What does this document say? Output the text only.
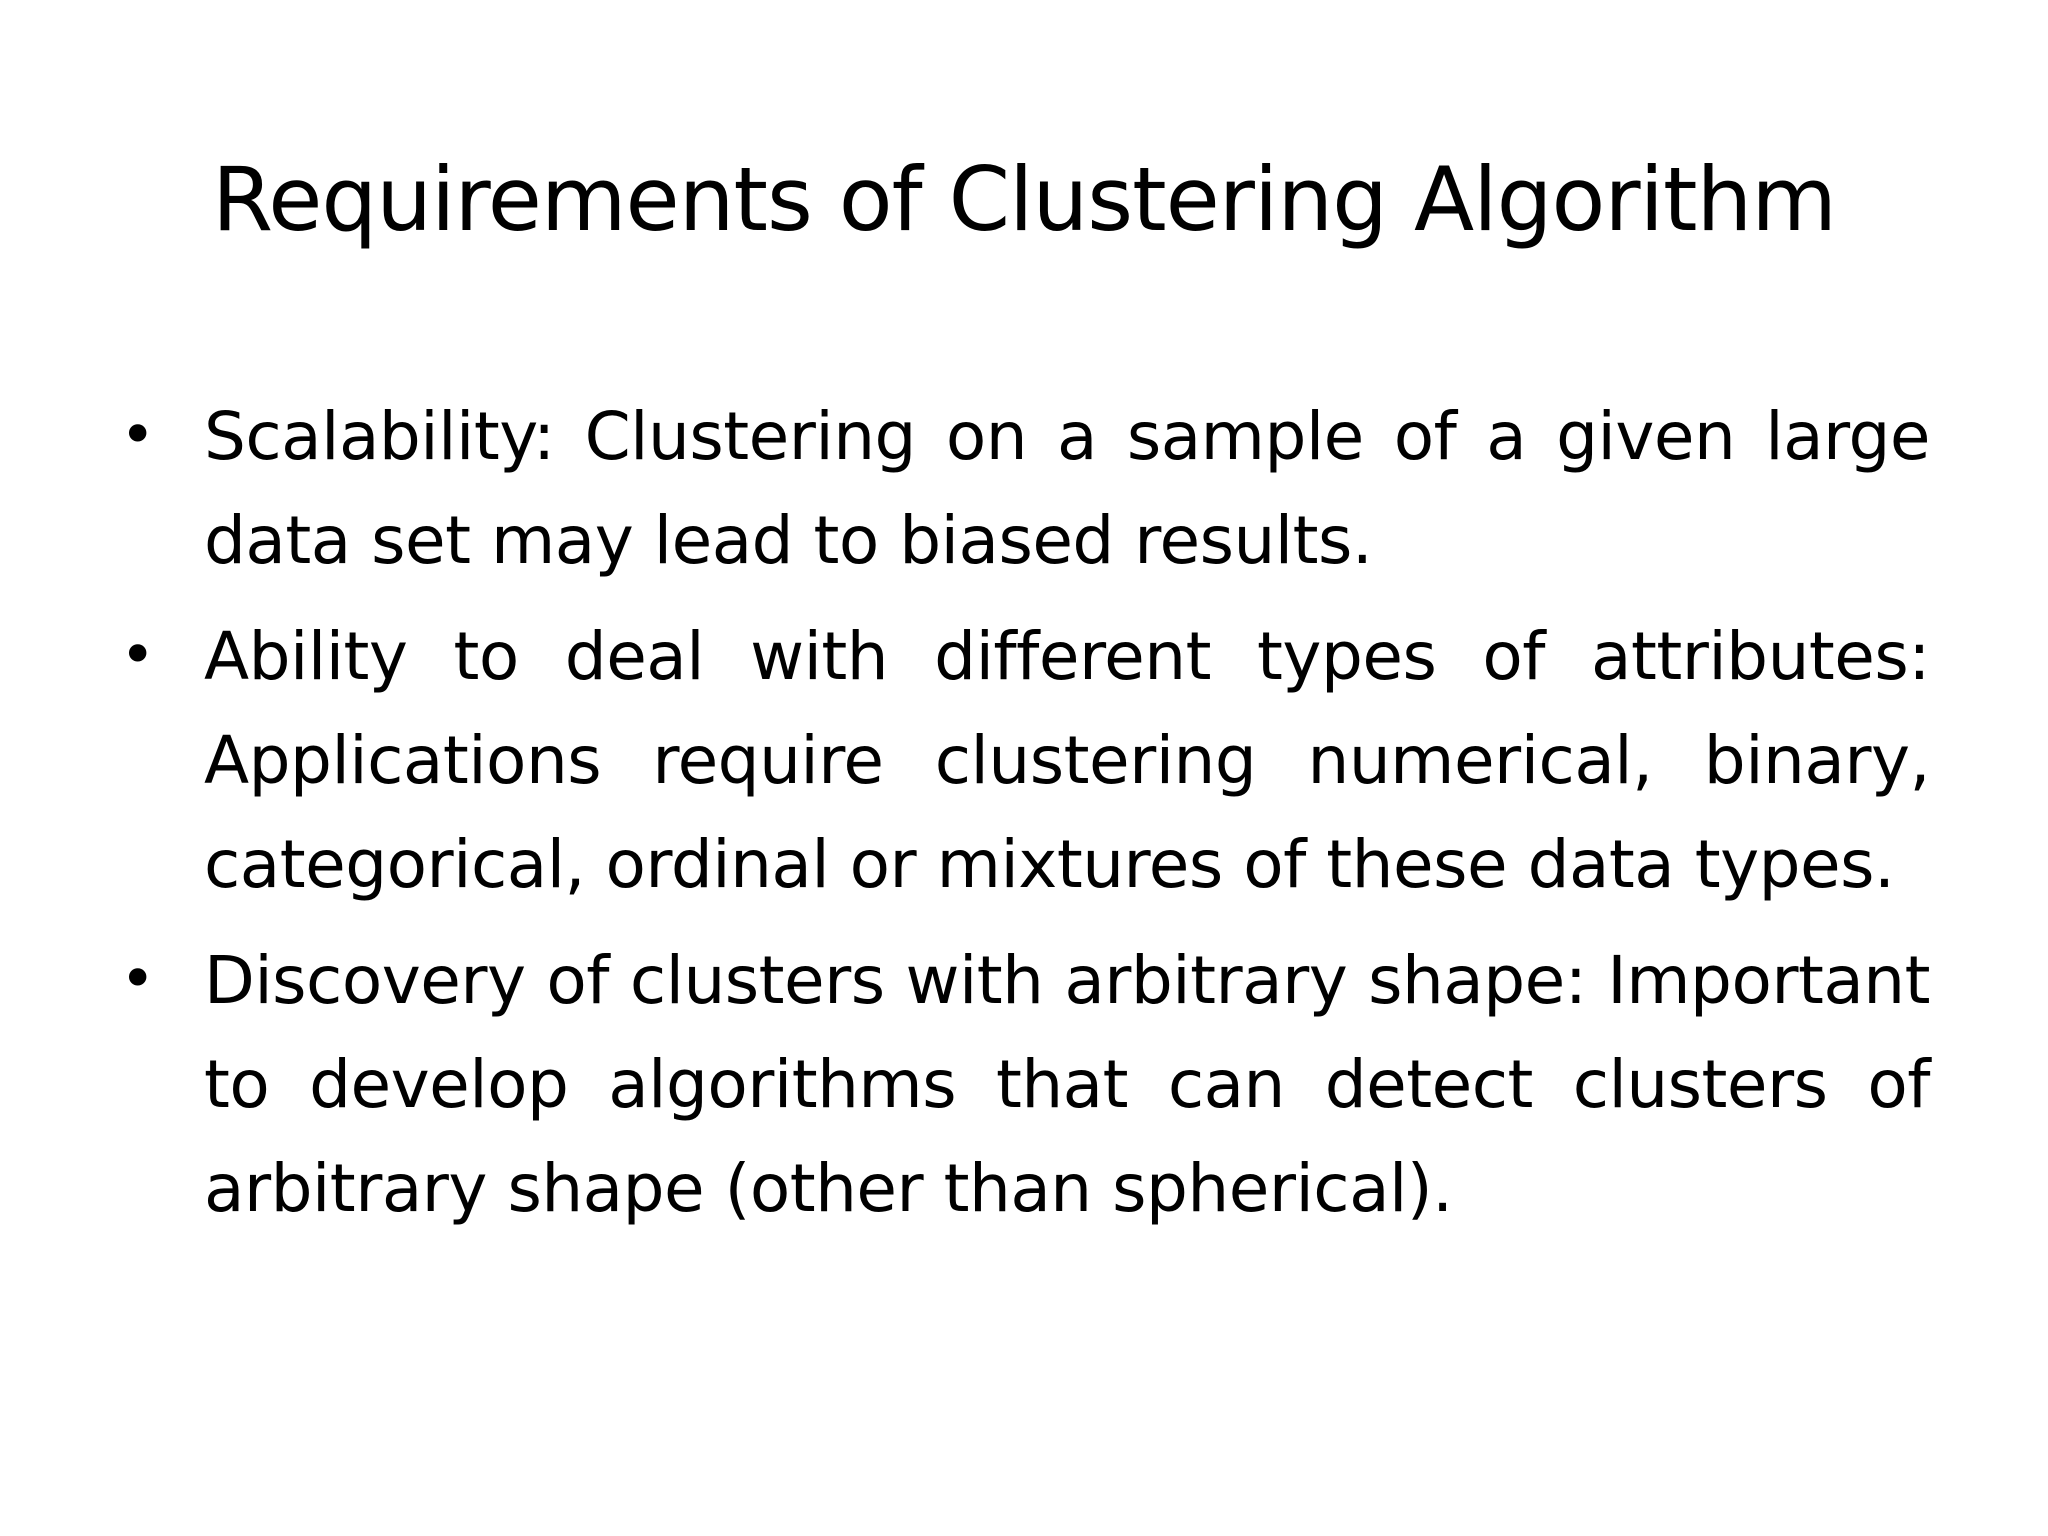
Requirements of Clustering Algorithm
• Scalability: Clustering on a sample of a given large data set may lead to biased results.
• Ability to deal with different types of attributes: Applications require clustering numerical, binary, categorical, ordinal or mixtures of these data types.
• Discovery of clusters with arbitrary shape: Important to develop algorithms that can detect clusters of arbitrary shape (other than spherical).
